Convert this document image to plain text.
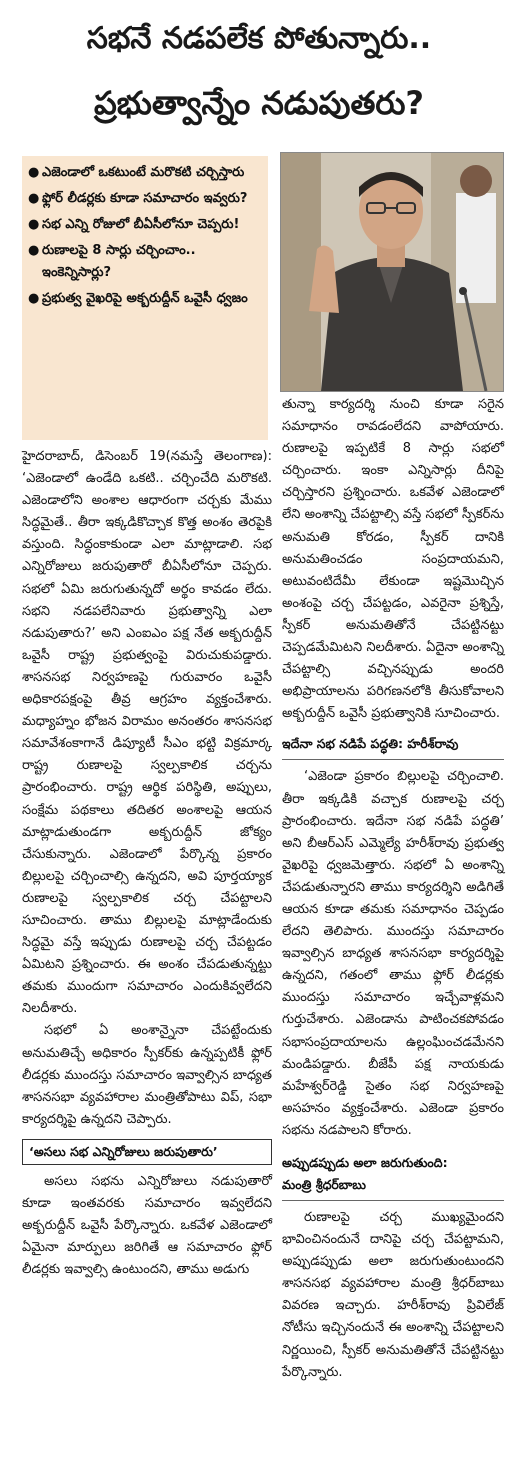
సభనే నడపలేక పోతున్నారు..
ప్రభుత్వాన్నేం నడుపుతరు?
● ఎజెండాలో ఒకటుంటే మరొకటి చర్చిస్తారు
● ఫ్లోర్ లీడర్లకు కూడా సమాచారం ఇవ్వరు?
● సభ ఎన్ని రోజులో బీఏసీలోనూ చెప్పరు!
● రుణాలపై 8 సార్లు చర్చించాం.. ఇంకెన్నిసార్లు?
● ప్రభుత్వ వైఖరిపై అక్బరుద్దీన్ ఒవైసీ ధ్వజం

హైదరాబాద్, డిసెంబర్ 19(నమస్తే తెలంగాణ): ‘ఎజెండాలో ఉండేది ఒకటి.. చర్చించేది మరొకటి. ఎజెండాలోని అంశాల ఆధారంగా చర్చకు మేము సిద్ధమైతే.. తీరా ఇక్కడికొచ్చాక కొత్త అంశం తెరపైకి వస్తుంది. సిద్ధంకాకుండా ఎలా మాట్లాడాలి. సభ ఎన్నిరోజులు జరుపుతారో బీఏసీలోనూ చెప్పరు. సభలో ఏమి జరుగుతున్నదో అర్థం కావడం లేదు. సభని నడపలేనివారు ప్రభుత్వాన్ని ఎలా నడుపుతారు?’ అని ఎంఐఎం పక్ష నేత అక్బరుద్దీన్ ఒవైసీ రాష్ట్ర ప్రభుత్వంపై విరుచుకుపడ్డారు. శాసనసభ నిర్వహణపై గురువారం ఒవైసీ అధికారపక్షంపై తీవ్ర ఆగ్రహం వ్యక్తంచేశారు. మధ్యాహ్నం భోజన విరామం అనంతరం శాసనసభ సమావేశంకాగానే డిప్యూటీ సీఎం భట్టి విక్రమార్క రాష్ట్ర రుణాలపై స్వల్పకాలిక చర్చను ప్రారంభించారు. రాష్ట్ర ఆర్థిక పరిస్థితి, అప్పులు, సంక్షేమ పథకాలు తదితర అంశాలపై ఆయన మాట్లాడుతుండగా అక్బరుద్దీన్ జోక్యం చేసుకున్నారు. ఎజెండాలో పేర్కొన్న ప్రకారం బిల్లులపై చర్చించాల్సి ఉన్నదని, అవి పూర్తయ్యాక రుణాలపై స్వల్పకాలిక చర్చ చేపట్టాలని సూచించారు. తాము బిల్లులపై మాట్లాడేందుకు సిద్ధమై వస్తే ఇప్పుడు రుణాలపై చర్చ చేపట్టడం ఏమిటని ప్రశ్నించారు. ఈ అంశం చేపడుతున్నట్టు తమకు ముందుగా సమాచారం ఎందుకివ్వలేదని నిలదీశారు.

సభలో ఏ అంశాన్నైనా చేపట్టేందుకు అనుమతిచ్చే అధికారం స్పీకర్‌కు ఉన్నప్పటికీ ఫ్లోర్ లీడర్లకు ముందస్తు సమాచారం ఇవ్వాల్సిన బాధ్యత శాసనసభా వ్యవహారాల మంత్రితోపాటు విప్, సభా కార్యదర్శిపై ఉన్నదని చెప్పారు.

‘అసలు సభ ఎన్నిరోజులు జరుపుతారు’

అసలు సభను ఎన్నిరోజులు నడుపుతారో కూడా ఇంతవరకు సమాచారం ఇవ్వలేదని అక్బరుద్దీన్ ఒవైసీ పేర్కొన్నారు. ఒకవేళ ఎజెండాలో ఏమైనా మార్పులు జరిగితే ఆ సమాచారం ఫ్లోర్ లీడర్లకు ఇవ్వాల్సి ఉంటుందని, తాము అడుగు

తున్నా కార్యదర్శి నుంచి కూడా సరైన సమాధానం రావడంలేదని వాపోయారు. రుణాలపై ఇప్పటికే 8 సార్లు సభలో చర్చించారు. ఇంకా ఎన్నిసార్లు దీనిపై చర్చిస్తారని ప్రశ్నించారు. ఒకవేళ ఎజెండాలో లేని అంశాన్ని చేపట్టాల్సి వస్తే సభలో స్పీకర్‌ను అనుమతి కోరడం, స్పీకర్ దానికి అనుమతించడం సంప్రదాయమని, అటువంటిదేమీ లేకుండా ఇష్టమొచ్చిన అంశంపై చర్చ చేపట్టడం, ఎవరైనా ప్రశ్నిస్తే, స్పీకర్ అనుమతితోనే చేపట్టినట్టు చెప్పడమేమిటని నిలదీశారు. ఏదైనా అంశాన్ని చేపట్టాల్సి వచ్చినప్పుడు అందరి అభిప్రాయాలను పరిగణనలోకి తీసుకోవాలని అక్బరుద్దీన్ ఒవైసీ ప్రభుత్వానికి సూచించారు.

ఇదేనా సభ నడిపే పద్ధతి: హరీశ్‌రావు

‘ఎజెండా ప్రకారం బిల్లులపై చర్చించాలి. తీరా ఇక్కడికి వచ్చాక రుణాలపై చర్చ ప్రారంభించారు. ఇదేనా సభ నడిపే పద్ధతి’ అని బీఆర్ఎస్ ఎమ్మెల్యే హరీశ్‌రావు ప్రభుత్వ వైఖరిపై ధ్వజమెత్తారు. సభలో ఏ అంశాన్ని చేపడుతున్నారని తాము కార్యదర్శిని అడిగితే ఆయన కూడా తమకు సమాధానం చెప్పడం లేదని తెలిపారు. ముందస్తు సమాచారం ఇవ్వాల్సిన బాధ్యత శాసనసభా కార్యదర్శిపై ఉన్నదని, గతంలో తాము ఫ్లోర్ లీడర్లకు ముందస్తు సమాచారం ఇచ్చేవాళ్లమని గుర్తుచేశారు. ఎజెండాను పాటించకపోవడం సభాసంప్రదాయాలను ఉల్లంఘించడమేనని మండిపడ్డారు. బీజేపీ పక్ష నాయకుడు మహేశ్వర్‌రెడ్డి సైతం సభ నిర్వహణపై అసహనం వ్యక్తంచేశారు. ఎజెండా ప్రకారం సభను నడపాలని కోరారు.

అప్పుడప్పుడు అలా జరుగుతుంది:
మంత్రి శ్రీధర్‌బాబు

రుణాలపై చర్చ ముఖ్యమైందని భావించినందునే దానిపై చర్చ చేపట్టామని, అప్పుడప్పుడు అలా జరుగుతుంటుందని శాసనసభ వ్యవహారాల మంత్రి శ్రీధర్‌బాబు వివరణ ఇచ్చారు. హరీశ్‌రావు ప్రివిలేజ్ నోటీసు ఇచ్చినందునే ఈ అంశాన్ని చేపట్టాలని నిర్ణయించి, స్పీకర్ అనుమతితోనే చేపట్టినట్టు పేర్కొన్నారు.
